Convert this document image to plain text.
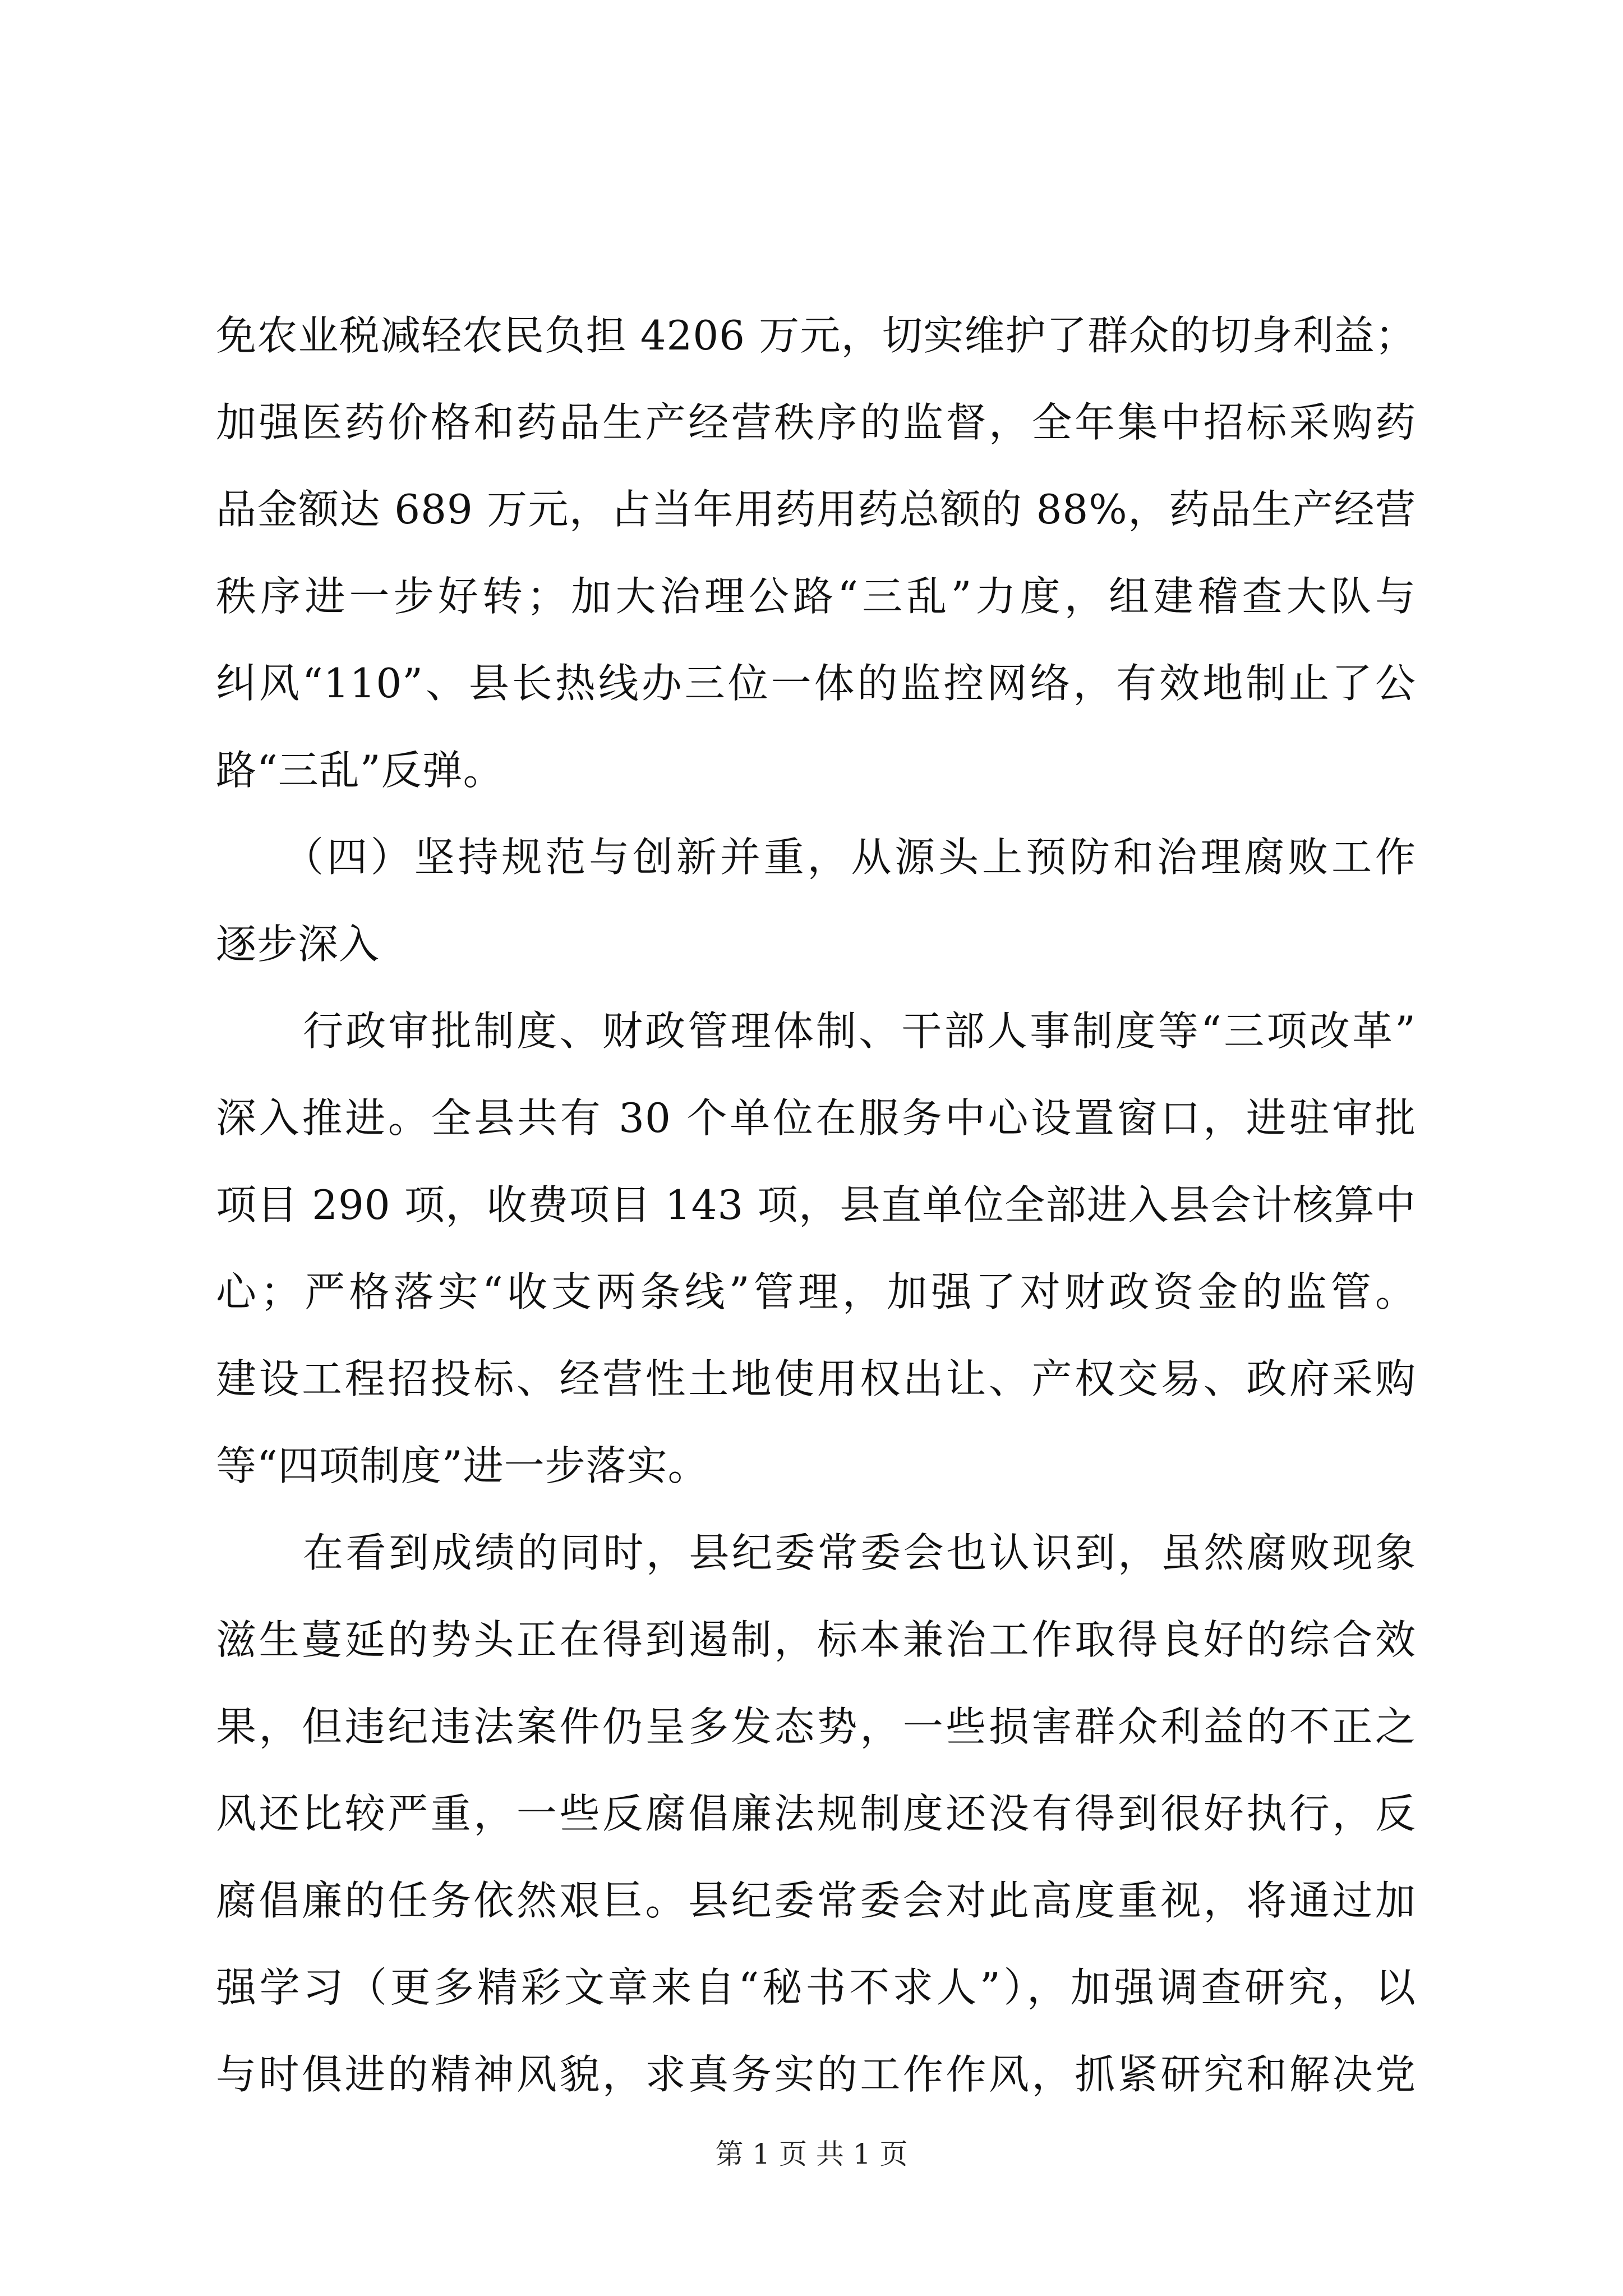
免农业税减轻农民负担 4206 万元，切实维护了群众的切身利益；
加强医药价格和药品生产经营秩序的监督，全年集中招标采购药
品金额达 689 万元，占当年用药用药总额的 88%，药品生产经营
秩序进一步好转；加大治理公路“三乱”力度，组建稽查大队与
纠风“110”、县长热线办三位一体的监控网络，有效地制止了公
路“三乱”反弹。
（四）坚持规范与创新并重，从源头上预防和治理腐败工作
逐步深入
行政审批制度、财政管理体制、干部人事制度等“三项改革”
深入推进。全县共有 30 个单位在服务中心设置窗口，进驻审批
项目 290 项，收费项目 143 项，县直单位全部进入县会计核算中
心；严格落实“收支两条线”管理，加强了对财政资金的监管。
建设工程招投标、经营性土地使用权出让、产权交易、政府采购
等“四项制度”进一步落实。
在看到成绩的同时，县纪委常委会也认识到，虽然腐败现象
滋生蔓延的势头正在得到遏制，标本兼治工作取得良好的综合效
果，但违纪违法案件仍呈多发态势，一些损害群众利益的不正之
风还比较严重，一些反腐倡廉法规制度还没有得到很好执行，反
腐倡廉的任务依然艰巨。县纪委常委会对此高度重视，将通过加
强学习（更多精彩文章来自“秘书不求人”），加强调查研究，以
与时俱进的精神风貌，求真务实的工作作风，抓紧研究和解决党
第 1 页 共 1 页
